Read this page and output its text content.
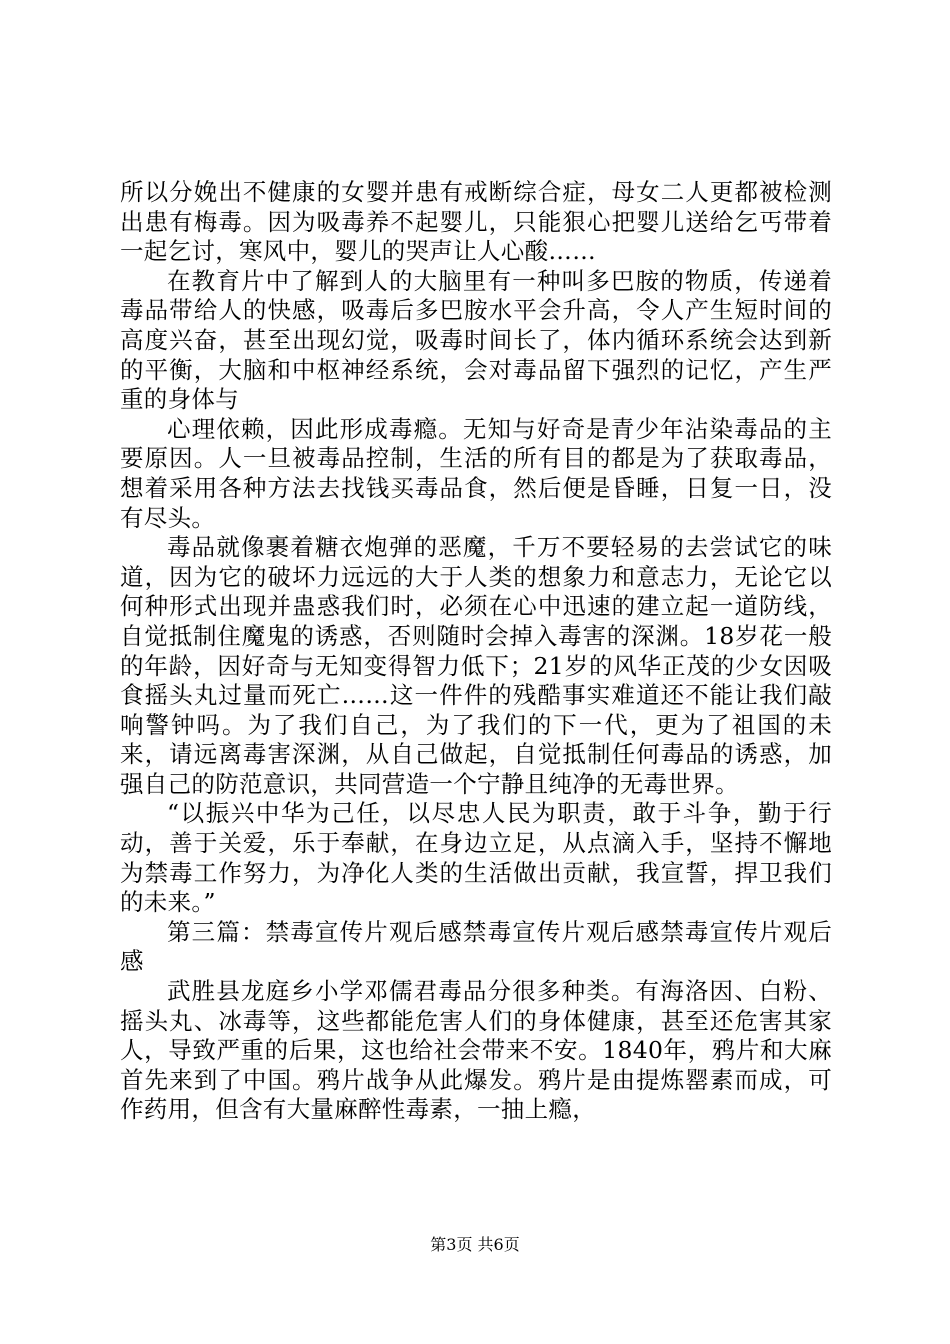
所以分娩出不健康的女婴并患有戒断综合症，母女二人更都被检测出患有梅毒。因为吸毒养不起婴儿，只能狠心把婴儿送给乞丐带着一起乞讨，寒风中，婴儿的哭声让人心酸……

在教育片中了解到人的大脑里有一种叫多巴胺的物质，传递着毒品带给人的快感，吸毒后多巴胺水平会升高，令人产生短时间的高度兴奋，甚至出现幻觉，吸毒时间长了，体内循环系统会达到新的平衡，大脑和中枢神经系统，会对毒品留下强烈的记忆，产生严重的身体与

心理依赖，因此形成毒瘾。无知与好奇是青少年沾染毒品的主要原因。人一旦被毒品控制，生活的所有目的都是为了获取毒品，想着采用各种方法去找钱买毒品食，然后便是昏睡，日复一日，没有尽头。

毒品就像裹着糖衣炮弹的恶魔，千万不要轻易的去尝试它的味道，因为它的破坏力远远的大于人类的想象力和意志力，无论它以何种形式出现并蛊惑我们时，必须在心中迅速的建立起一道防线，自觉抵制住魔鬼的诱惑，否则随时会掉入毒害的深渊。18岁花一般的年龄，因好奇与无知变得智力低下；21岁的风华正茂的少女因吸食摇头丸过量而死亡……这一件件的残酷事实难道还不能让我们敲响警钟吗。为了我们自己，为了我们的下一代，更为了祖国的未来，请远离毒害深渊，从自己做起，自觉抵制任何毒品的诱惑，加强自己的防范意识，共同营造一个宁静且纯净的无毒世界。

“以振兴中华为己任，以尽忠人民为职责，敢于斗争，勤于行动，善于关爱，乐于奉献，在身边立足，从点滴入手，坚持不懈地为禁毒工作努力，为净化人类的生活做出贡献，我宣誓，捍卫我们的未来。”

第三篇：禁毒宣传片观后感禁毒宣传片观后感禁毒宣传片观后感

武胜县龙庭乡小学邓儒君毒品分很多种类。有海洛因、白粉、摇头丸、冰毒等，这些都能危害人们的身体健康，甚至还危害其家人，导致严重的后果，这也给社会带来不安。1840年，鸦片和大麻首先来到了中国。鸦片战争从此爆发。鸦片是由提炼罂素而成，可作药用，但含有大量麻醉性毒素，一抽上瘾，

第3页 共6页
